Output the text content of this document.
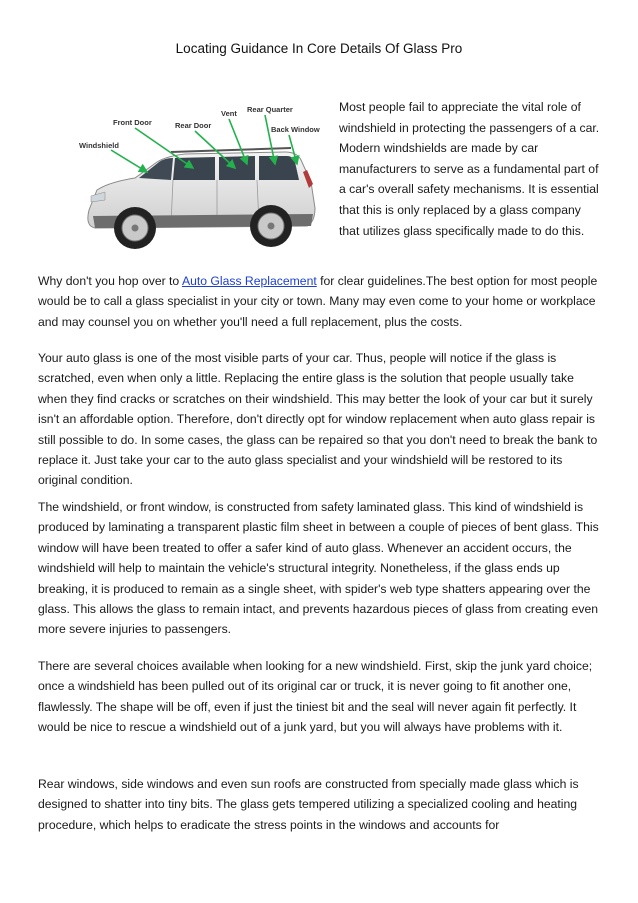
Locating Guidance In Core Details Of Glass Pro
Front Door	Rear Door
Vent Rear Quarter
Back Window
Windshield

Most people fail to appreciate the vital role of windshield in protecting the passengers of a car. Modern windshields are made by car manufacturers to serve as a fundamental part of a car's overall safety mechanisms. It is essential that this is only replaced by a glass company that utilizes glass specifically made to do this.

Why don't you hop over to Auto Glass Replacement for clear guidelines.The best option for most people would be to call a glass specialist in your city or town. Many may even come to your home or workplace and may counsel you on whether you'll need a full replacement, plus the costs.

Your auto glass is one of the most visible parts of your car. Thus, people will notice if the glass is scratched, even when only a little. Replacing the entire glass is the solution that people usually take when they find cracks or scratches on their windshield. This may better the look of your car but it surely isn't an affordable option. Therefore, don't directly opt for window replacement when auto glass repair is still possible to do. In some cases, the glass can be repaired so that you don't need to break the bank to replace it. Just take your car to the auto glass specialist and your windshield will be restored to its original condition.

The windshield, or front window, is constructed from safety laminated glass. This kind of windshield is produced by laminating a transparent plastic film sheet in between a couple of pieces of bent glass. This window will have been treated to offer a safer kind of auto glass. Whenever an accident occurs, the windshield will help to maintain the vehicle's structural integrity. Nonetheless, if the glass ends up breaking, it is produced to remain as a single sheet, with spider's web type shatters appearing over the glass. This allows the glass to remain intact, and prevents hazardous pieces of glass from creating even more severe injuries to passengers.

There are several choices available when looking for a new windshield. First, skip the junk yard choice; once a windshield has been pulled out of its original car or truck, it is never going to fit another one, flawlessly. The shape will be off, even if just the tiniest bit and the seal will never again fit perfectly. It would be nice to rescue a windshield out of a junk yard, but you will always have problems with it.

Rear windows, side windows and even sun roofs are constructed from specially made glass which is designed to shatter into tiny bits. The glass gets tempered utilizing a specialized cooling and heating procedure, which helps to eradicate the stress points in the windows and accounts for
